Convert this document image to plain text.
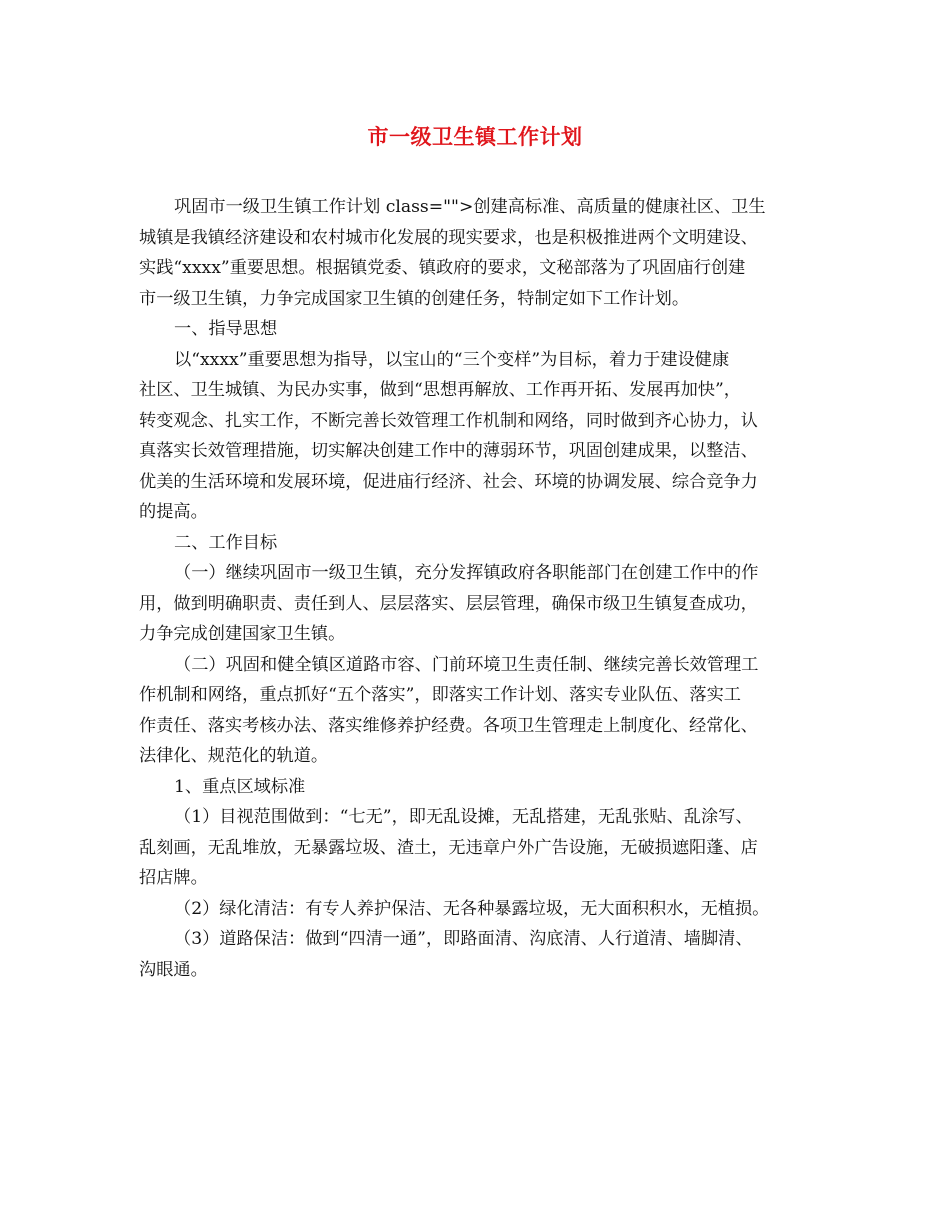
市一级卫生镇工作计划
巩固市一级卫生镇工作计划 class="">创建高标准、高质量的健康社区、卫生
城镇是我镇经济建设和农村城市化发展的现实要求，也是积极推进两个文明建设、
实践“xxxx”重要思想。根据镇党委、镇政府的要求，文秘部落为了巩固庙行创建
市一级卫生镇，力争完成国家卫生镇的创建任务，特制定如下工作计划。
一、指导思想
以“xxxx”重要思想为指导，以宝山的“三个变样”为目标，着力于建设健康
社区、卫生城镇、为民办实事，做到“思想再解放、工作再开拓、发展再加快”，
转变观念、扎实工作，不断完善长效管理工作机制和网络，同时做到齐心协力，认
真落实长效管理措施，切实解决创建工作中的薄弱环节，巩固创建成果，以整洁、
优美的生活环境和发展环境，促进庙行经济、社会、环境的协调发展、综合竞争力
的提高。
二、工作目标
（一）继续巩固市一级卫生镇，充分发挥镇政府各职能部门在创建工作中的作
用，做到明确职责、责任到人、层层落实、层层管理，确保市级卫生镇复查成功，
力争完成创建国家卫生镇。
（二）巩固和健全镇区道路市容、门前环境卫生责任制、继续完善长效管理工
作机制和网络，重点抓好“五个落实”，即落实工作计划、落实专业队伍、落实工
作责任、落实考核办法、落实维修养护经费。各项卫生管理走上制度化、经常化、
法律化、规范化的轨道。
1、重点区域标准
（1）目视范围做到：“七无”，即无乱设摊，无乱搭建，无乱张贴、乱涂写、
乱刻画，无乱堆放，无暴露垃圾、渣土，无违章户外广告设施，无破损遮阳蓬、店
招店牌。
（2）绿化清洁：有专人养护保洁、无各种暴露垃圾，无大面积积水，无植损。
（3）道路保洁：做到“四清一通”，即路面清、沟底清、人行道清、墙脚清、
沟眼通。
